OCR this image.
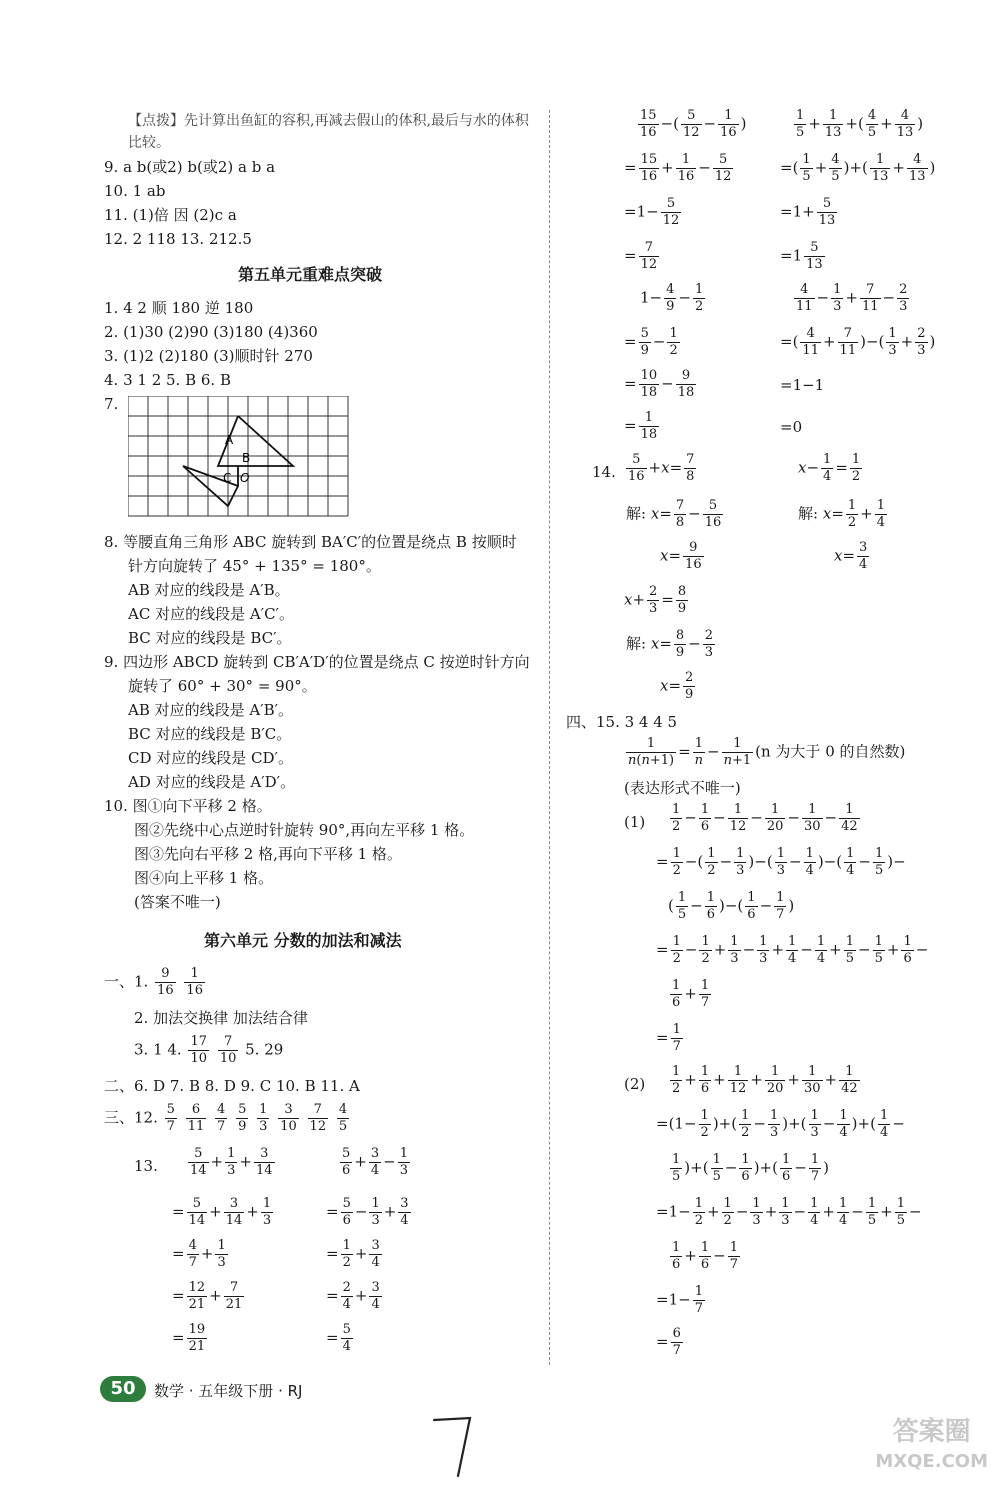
【点拨】先计算出鱼缸的容积,再减去假山的体积,最后与水的体积比较。
9. a b(或2) b(或2) a b a
10. 1 ab
11. (1)倍 因 (2)c a
12. 2 118 13. 212.5
第五单元重难点突破
1. 4 2 顺 180 逆 180
2. (1)30 (2)90 (3)180 (4)360
3. (1)2 (2)180 (3)顺时针 270
4. 3 1 2 5. B 6. B
7.
A
B
C O
8. 等腰直角三角形 ABC 旋转到 BA′C′的位置是绕点 B 按顺时
针方向旋转了 45° + 135° = 180°。
AB 对应的线段是 A′B。
AC 对应的线段是 A′C′。
BC 对应的线段是 BC′。
9. 四边形 ABCD 旋转到 CB′A′D′的位置是绕点 C 按逆时针方向
旋转了 60° + 30° = 90°。
AB 对应的线段是 A′B′。
BC 对应的线段是 B′C。
CD 对应的线段是 CD′。
AD 对应的线段是 A′D′。
10. 图①向下平移 2 格。
图②先绕中心点逆时针旋转 90°,再向左平移 1 格。
图③先向右平移 2 格,再向下平移 1 格。
图④向上平移 1 格。
(答案不唯一)
第六单元 分数的加法和减法
一、1. $\frac{9}{16}$
$\frac{1}{16}$
2. 加法交换律 加法结合律
3. 1 4. $\frac{17}{10}$
$\frac{7}{10} 5$. 29
二、6. D 7. B 8. D 9. C 10. B 11. A
三、12. $\frac{5}{7}$
$\frac{6}{11}$
$\frac{4}{7}$
$\frac{5}{9}$
$\frac{1}{3}$
$\frac{3}{10}$
$\frac{7}{12}$
$\frac{4}{5}$
13. $\frac{5}{14} + \frac{1}{3} + \frac{3}{14}$
= $\frac{5}{14} + \frac{3}{14} + \frac{1}{3}$
= $\frac{4}{7} + \frac{1}{3}$
= $\frac{12}{21} + \frac{7}{21}$
= $\frac{19}{21}$
$\frac{5}{6} + \frac{3}{4} - \frac{1}{3}$
= $\frac{5}{6} - \frac{1}{3} + \frac{3}{4}$
= $\frac{1}{2} + \frac{3}{4}$
= $\frac{2}{4} + \frac{3}{4}$
= $\frac{5}{4}$
$\frac{15}{16}$ −( $\frac{5}{12} - \frac{1}{16}$ )
= $\frac{15}{16} + \frac{1}{16} - \frac{5}{12}$
$=1- \frac{5}{12}$
= $\frac{7}{12}$
$\frac{1}{5} + \frac{1}{13}$ +( $\frac{4}{5} + \frac{4}{13}$ )
=( $\frac{1}{5} + \frac{4}{5}$ )+( $\frac{1}{13} + \frac{4}{13}$ )
$=1+ \frac{5}{13}$
$=1 \frac{5}{13}$
$1- \frac{4}{9} - \frac{1}{2}$
= $\frac{5}{9} - \frac{1}{2}$
= $\frac{10}{18} - \frac{9}{18}$
= $\frac{1}{18}$
$\frac{4}{11} - \frac{1}{3} + \frac{7}{11} - \frac{2}{3}$
=( $\frac{4}{11} + \frac{7}{11}$ )−( $\frac{1}{3} + \frac{2}{3}$ )
=1−1
=0
14. $\frac{5}{16} +x= \frac{7}{8}$
解: $x= \frac{7}{8} - \frac{5}{16}$
$x= \frac{9}{16}$
$x- \frac{1}{4} = \frac{1}{2}$
解: $x= \frac{1}{2} + \frac{1}{4}$
$x= \frac{3}{4}$
$x+ \frac{2}{3} = \frac{8}{9}$
解: $x= \frac{8}{9} - \frac{2}{3}$
$x= \frac{2}{9}$
四、15. 3 4 4 5
$\frac{1}{n(n+1)} = \frac{1}{n} - \frac{1}{n+1} (n$ 为大于 0 的自然数)
(表达形式不唯一)
$(1) \frac{1}{2} - \frac{1}{6} - \frac{1}{12} - \frac{1}{20} - \frac{1}{30} - \frac{1}{42}$
= $\frac{1}{2}$ −( $\frac{1}{2} - \frac{1}{3}$ )−( $\frac{1}{3} - \frac{1}{4}$ )−( $\frac{1}{4} - \frac{1}{5}$ )−
( $\frac{1}{5} - \frac{1}{6}$ )−( $\frac{1}{6} - \frac{1}{7}$ )
= $\frac{1}{2} - \frac{1}{2} + \frac{1}{3} - \frac{1}{3} + \frac{1}{4} - \frac{1}{4} + \frac{1}{5} - \frac{1}{5} + \frac{1}{6}$ −
$\frac{1}{6} + \frac{1}{7}$
= $\frac{1}{7}$
$(2) \frac{1}{2} + \frac{1}{6} + \frac{1}{12} + \frac{1}{20} + \frac{1}{30} + \frac{1}{42}$
$=(1- \frac{1}{2}$ )+( $\frac{1}{2} - \frac{1}{3}$ )+( $\frac{1}{3} - \frac{1}{4}$ )+( $\frac{1}{4}$ −
$\frac{1}{5}$ )+( $\frac{1}{5} - \frac{1}{6}$ )+( $\frac{1}{6} - \frac{1}{7}$ )
$=1- \frac{1}{2} + \frac{1}{2} - \frac{1}{3} + \frac{1}{3} - \frac{1}{4} + \frac{1}{4} - \frac{1}{5} + \frac{1}{5}$ −
$\frac{1}{6} + \frac{1}{6} - \frac{1}{7}$
$=1- \frac{1}{7}$
= $\frac{6}{7}$
50	数学 · 五年级下册 · RJ
答案圈
MXQE.COM
